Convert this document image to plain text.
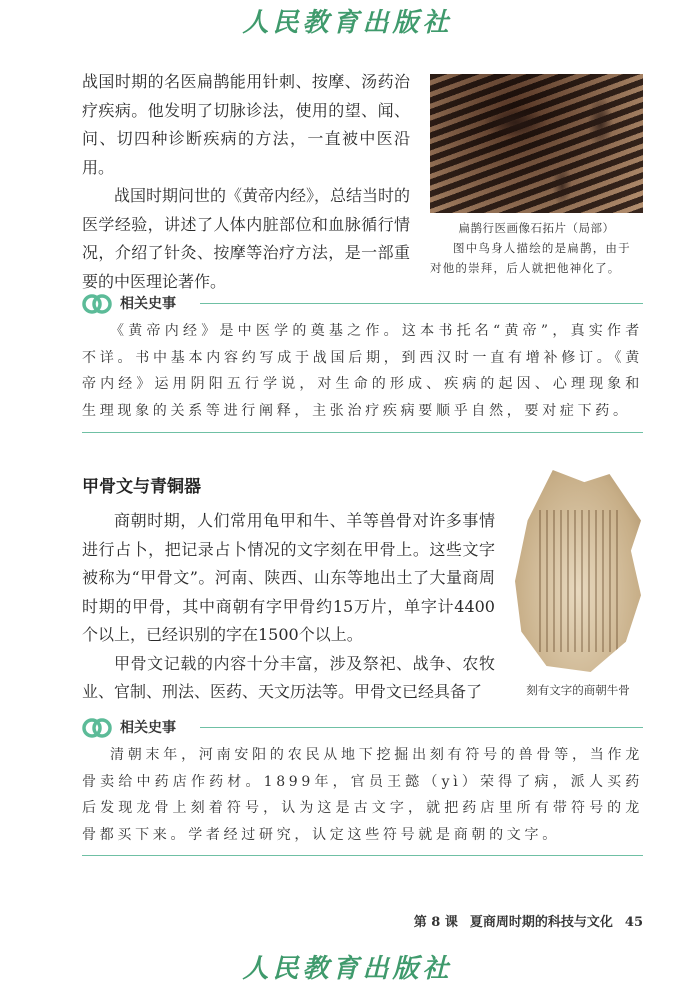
人民教育出版社

战国时期的名医扁鹊能用针刺、按摩、汤药治疗疾病。他发明了切脉诊法，使用的望、闻、问、切四种诊断疾病的方法，一直被中医沿用。

战国时期问世的《黄帝内经》，总结当时的医学经验，讲述了人体内脏部位和血脉循行情况，介绍了针灸、按摩等治疗方法，是一部重要的中医理论著作。

扁鹊行医画像石拓片（局部）
图中鸟身人描绘的是扁鹊，由于对他的崇拜，后人就把他神化了。
相关史事

《黄帝内经》是中医学的奠基之作。这本书托名“黄帝”，真实作者不详。书中基本内容约写成于战国后期，到西汉时一直有增补修订。《黄帝内经》运用阴阳五行学说，对生命的形成、疾病的起因、心理现象和生理现象的关系等进行阐释，主张治疗疾病要顺乎自然，要对症下药。

甲骨文与青铜器

商朝时期，人们常用龟甲和牛、羊等兽骨对许多事情进行占卜，把记录占卜情况的文字刻在甲骨上。这些文字被称为“甲骨文”。河南、陕西、山东等地出土了大量商周时期的甲骨，其中商朝有字甲骨约15万片，单字计4400个以上，已经识别的字在1500个以上。

甲骨文记载的内容十分丰富，涉及祭祀、战争、农牧业、官制、刑法、医药、天文历法等。甲骨文已经具备了	刻有文字的商朝牛骨
相关史事

清朝末年，河南安阳的农民从地下挖掘出刻有符号的兽骨等，当作龙骨卖给中药店作药材。1899年，官员王懿（yì）荣得了病，派人买药后发现龙骨上刻着符号，认为这是古文字，就把药店里所有带符号的龙骨都买下来。学者经过研究，认定这些符号就是商朝的文字。

第 8 课 夏商周时期的科技与文化 45
人民教育出版社
